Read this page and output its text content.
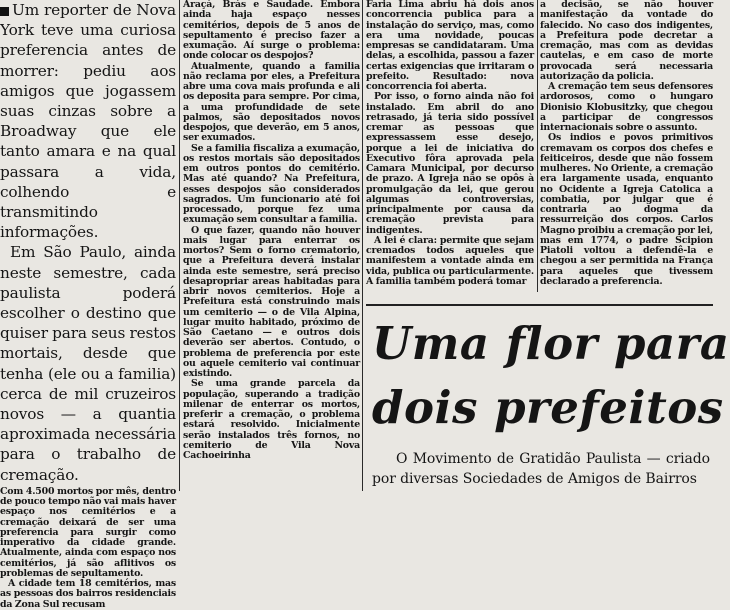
Um reporter de Nova York teve uma curiosa preferencia antes de morrer: pediu aos amigos que jogassem suas cinzas sobre a Broadway que ele tanto amara e na qual passara a vida, colhendo e transmitindo informações.

Em São Paulo, ainda neste semestre, cada paulista poderá escolher o destino que quiser para seus restos mortais, desde que tenha (ele ou a familia) cerca de mil cruzeiros novos — a quantia aproximada necessária para o trabalho de cremação.

Com 4.500 mortos por mês, dentro de pouco tempo não vai mais haver espaço nos cemitérios e a cremação deixará de ser uma preferencia para surgir como imperativo da cidade grande. Atualmente, ainda com espaço nos cemitérios, já são aflitivos os problemas de sepultamento.

A cidade tem 18 cemitérios, mas as pessoas dos bairros residenciais da Zona Sul recusam

Araçá, Brás e Saudade. Embora ainda haja espaço nesses cemitérios, depois de 5 anos de sepultamento é preciso fazer a exumação. Aí surge o problema: onde colocar os despojos?

Atualmente, quando a familia não reclama por eles, a Prefeitura abre uma cova mais profunda e ali os deposita para sempre. Por cima, a uma profundidade de sete palmos, são depositados novos despojos, que deverão, em 5 anos, ser exumados.

Se a familia fiscaliza a exumação, os restos mortais são depositados em outros pontos do cemitério. Mas até quando? Na Prefeitura, esses despojos são considerados sagrados. Um funcionario até foi processado, porque fez uma exumação sem consultar a familia.

O que fazer, quando não houver mais lugar para enterrar os mortos? Sem o forno crematorio, que a Prefeitura deverá instalar ainda este semestre, será preciso desapropriar areas habitadas para abrir novos cemiterios. Hoje a Prefeitura está construindo mais um cemiterio — o de Vila Alpina, lugar muito habitado, próximo de São Caetano — e outros dois deverão ser abertos. Contudo, o problema de preferencia por este ou aquele cemiterio vai continuar existindo.

Se uma grande parcela da população, superando a tradição milenar de enterrar os mortos, preferir a cremação, o problema estará resolvido. Inicialmente serão instalados três fornos, no cemiterio de Vila Nova Cachoeirinha

Faria Lima abriu há dois anos concorrencia publica para a instalação do serviço, mas, como era uma novidade, poucas empresas se candidataram. Uma delas, a escolhida, passou a fazer certas exigencias que irritaram o prefeito. Resultado: nova concorrencia foi aberta.

Por isso, o forno ainda não foi instalado. Em abril do ano retrasado, já teria sido possível cremar as pessoas que expressassem esse desejo, porque a lei de iniciativa do Executivo fôra aprovada pela Camara Municipal, por decurso de prazo. A Igreja não se opôs à promulgação da lei, que gerou algumas controversias, principalmente por causa da cremação prevista para indigentes.

A lei é clara: permite que sejam cremados todos aqueles que manifestem a vontade ainda em vida, publica ou particularmente. A familia também poderá tomar

a decisão, se não houver manifestação da vontade do falecido. No caso dos indigentes, a Prefeitura pode decretar a cremação, mas com as devidas cautelas, e em caso de morte provocada será necessaria autorização da policia.

A cremação tem seus defensores ardorosos, como o hungaro Dionisio Klobusitzky, que chegou a participar de congressos internacionais sobre o assunto.

Os indios e povos primitivos cremavam os corpos dos chefes e feiticeiros, desde que não fossem mulheres. No Oriente, a cremação era largamente usada, enquanto no Ocidente a Igreja Catolica a combatia, por julgar que é contraria ao dogma da ressurreição dos corpos. Carlos Magno proibiu a cremação por lei, mas em 1774, o padre Scipion Piatoli voltou a defendê-la e chegou a ser permitida na França para aqueles que tivessem declarado a preferencia.

Uma flor para
dois prefeitos

O Movimento de Gratidão Paulista — criado por diversas Sociedades de Amigos de Bairros
